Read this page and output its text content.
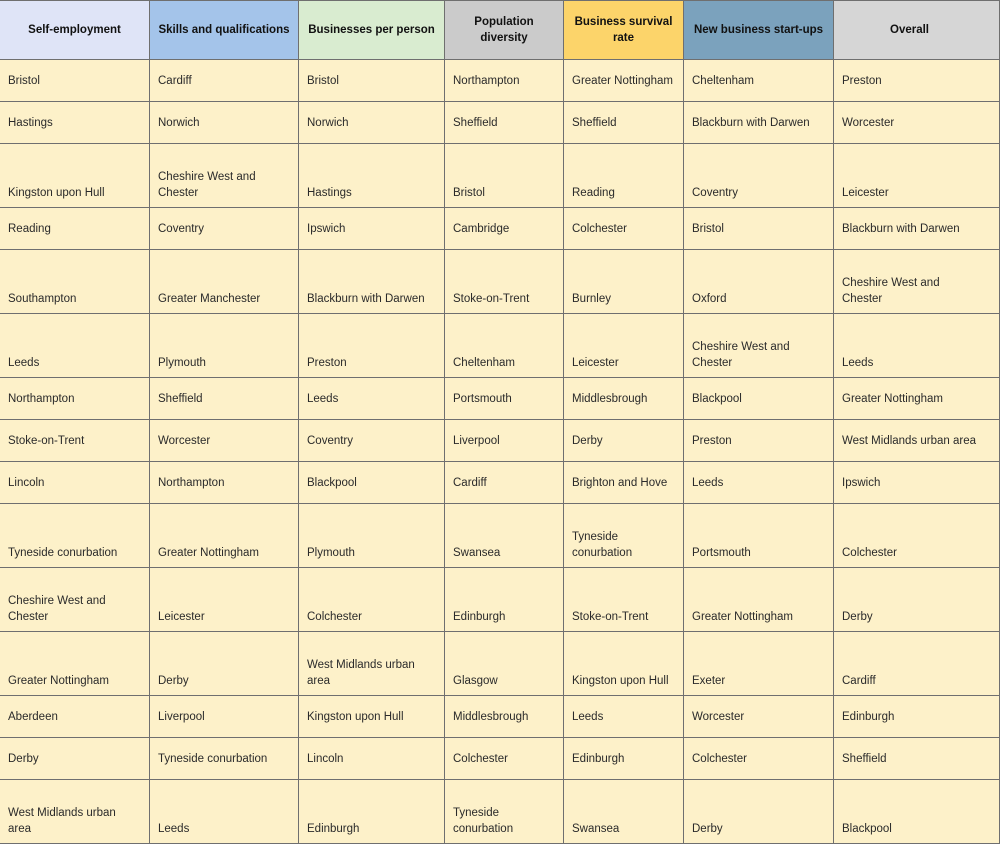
Self-employment	Skills and qualifications	Businesses per person	Population diversity	Business survival rate	New business start-ups	Overall
Bristol	Cardiff	Bristol	Northampton	Greater Nottingham	Cheltenham	Preston
Hastings	Norwich	Norwich	Sheffield	Sheffield	Blackburn with Darwen	Worcester
Kingston upon Hull	Cheshire West and Chester	Hastings	Bristol	Reading	Coventry	Leicester
Reading	Coventry	Ipswich	Cambridge	Colchester	Bristol	Blackburn with Darwen
Southampton	Greater Manchester	Blackburn with Darwen	Stoke-on-Trent	Burnley	Oxford	Cheshire West and Chester
Leeds	Plymouth	Preston	Cheltenham	Leicester	Cheshire West and Chester	Leeds
Northampton	Sheffield	Leeds	Portsmouth	Middlesbrough	Blackpool	Greater Nottingham
Stoke-on-Trent	Worcester	Coventry	Liverpool	Derby	Preston	West Midlands urban area
Lincoln	Northampton	Blackpool	Cardiff	Brighton and Hove	Leeds	Ipswich
Tyneside conurbation	Greater Nottingham	Plymouth	Swansea	Tyneside conurbation	Portsmouth	Colchester
Cheshire West and Chester	Leicester	Colchester	Edinburgh	Stoke-on-Trent	Greater Nottingham	Derby
Greater Nottingham	Derby	West Midlands urban area	Glasgow	Kingston upon Hull	Exeter	Cardiff
Aberdeen	Liverpool	Kingston upon Hull	Middlesbrough	Leeds	Worcester	Edinburgh
Derby	Tyneside conurbation	Lincoln	Colchester	Edinburgh	Colchester	Sheffield
West Midlands urban area	Leeds	Edinburgh	Tyneside conurbation	Swansea	Derby	Blackpool
